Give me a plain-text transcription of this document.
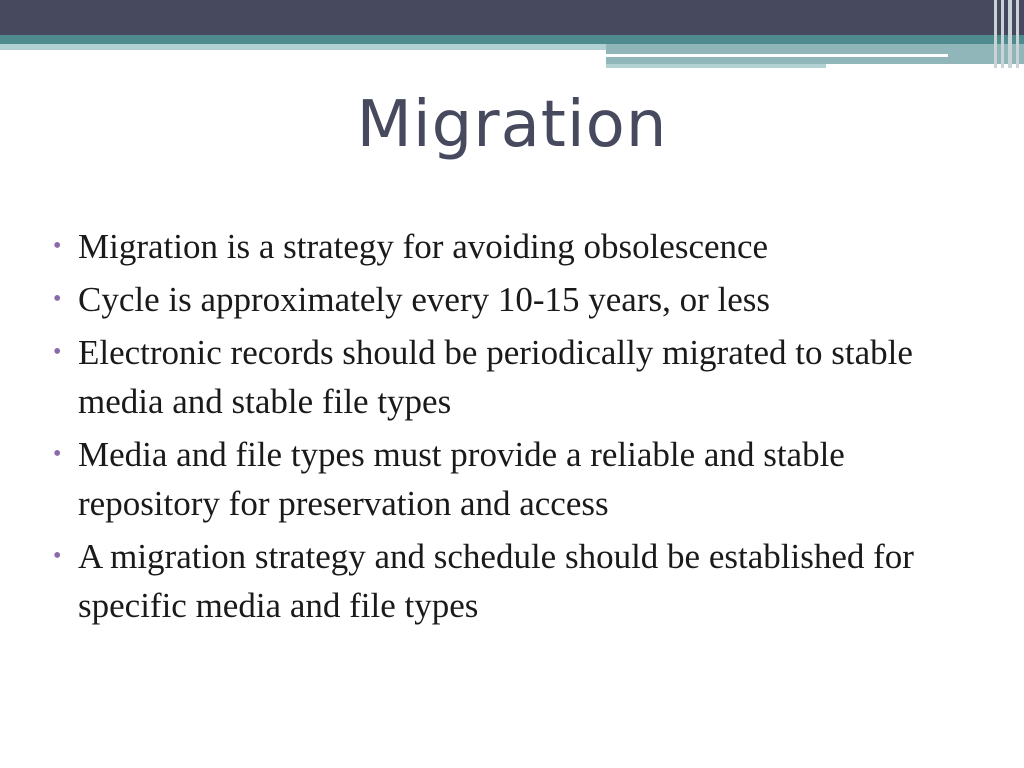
Migration
• Migration is a strategy for avoiding obsolescence
• Cycle is approximately every 10-15 years, or less
• Electronic records should be periodically migrated to stable media and stable file types
• Media and file types must provide a reliable and stable repository for preservation and access
• A migration strategy and schedule should be established for specific media and file types
